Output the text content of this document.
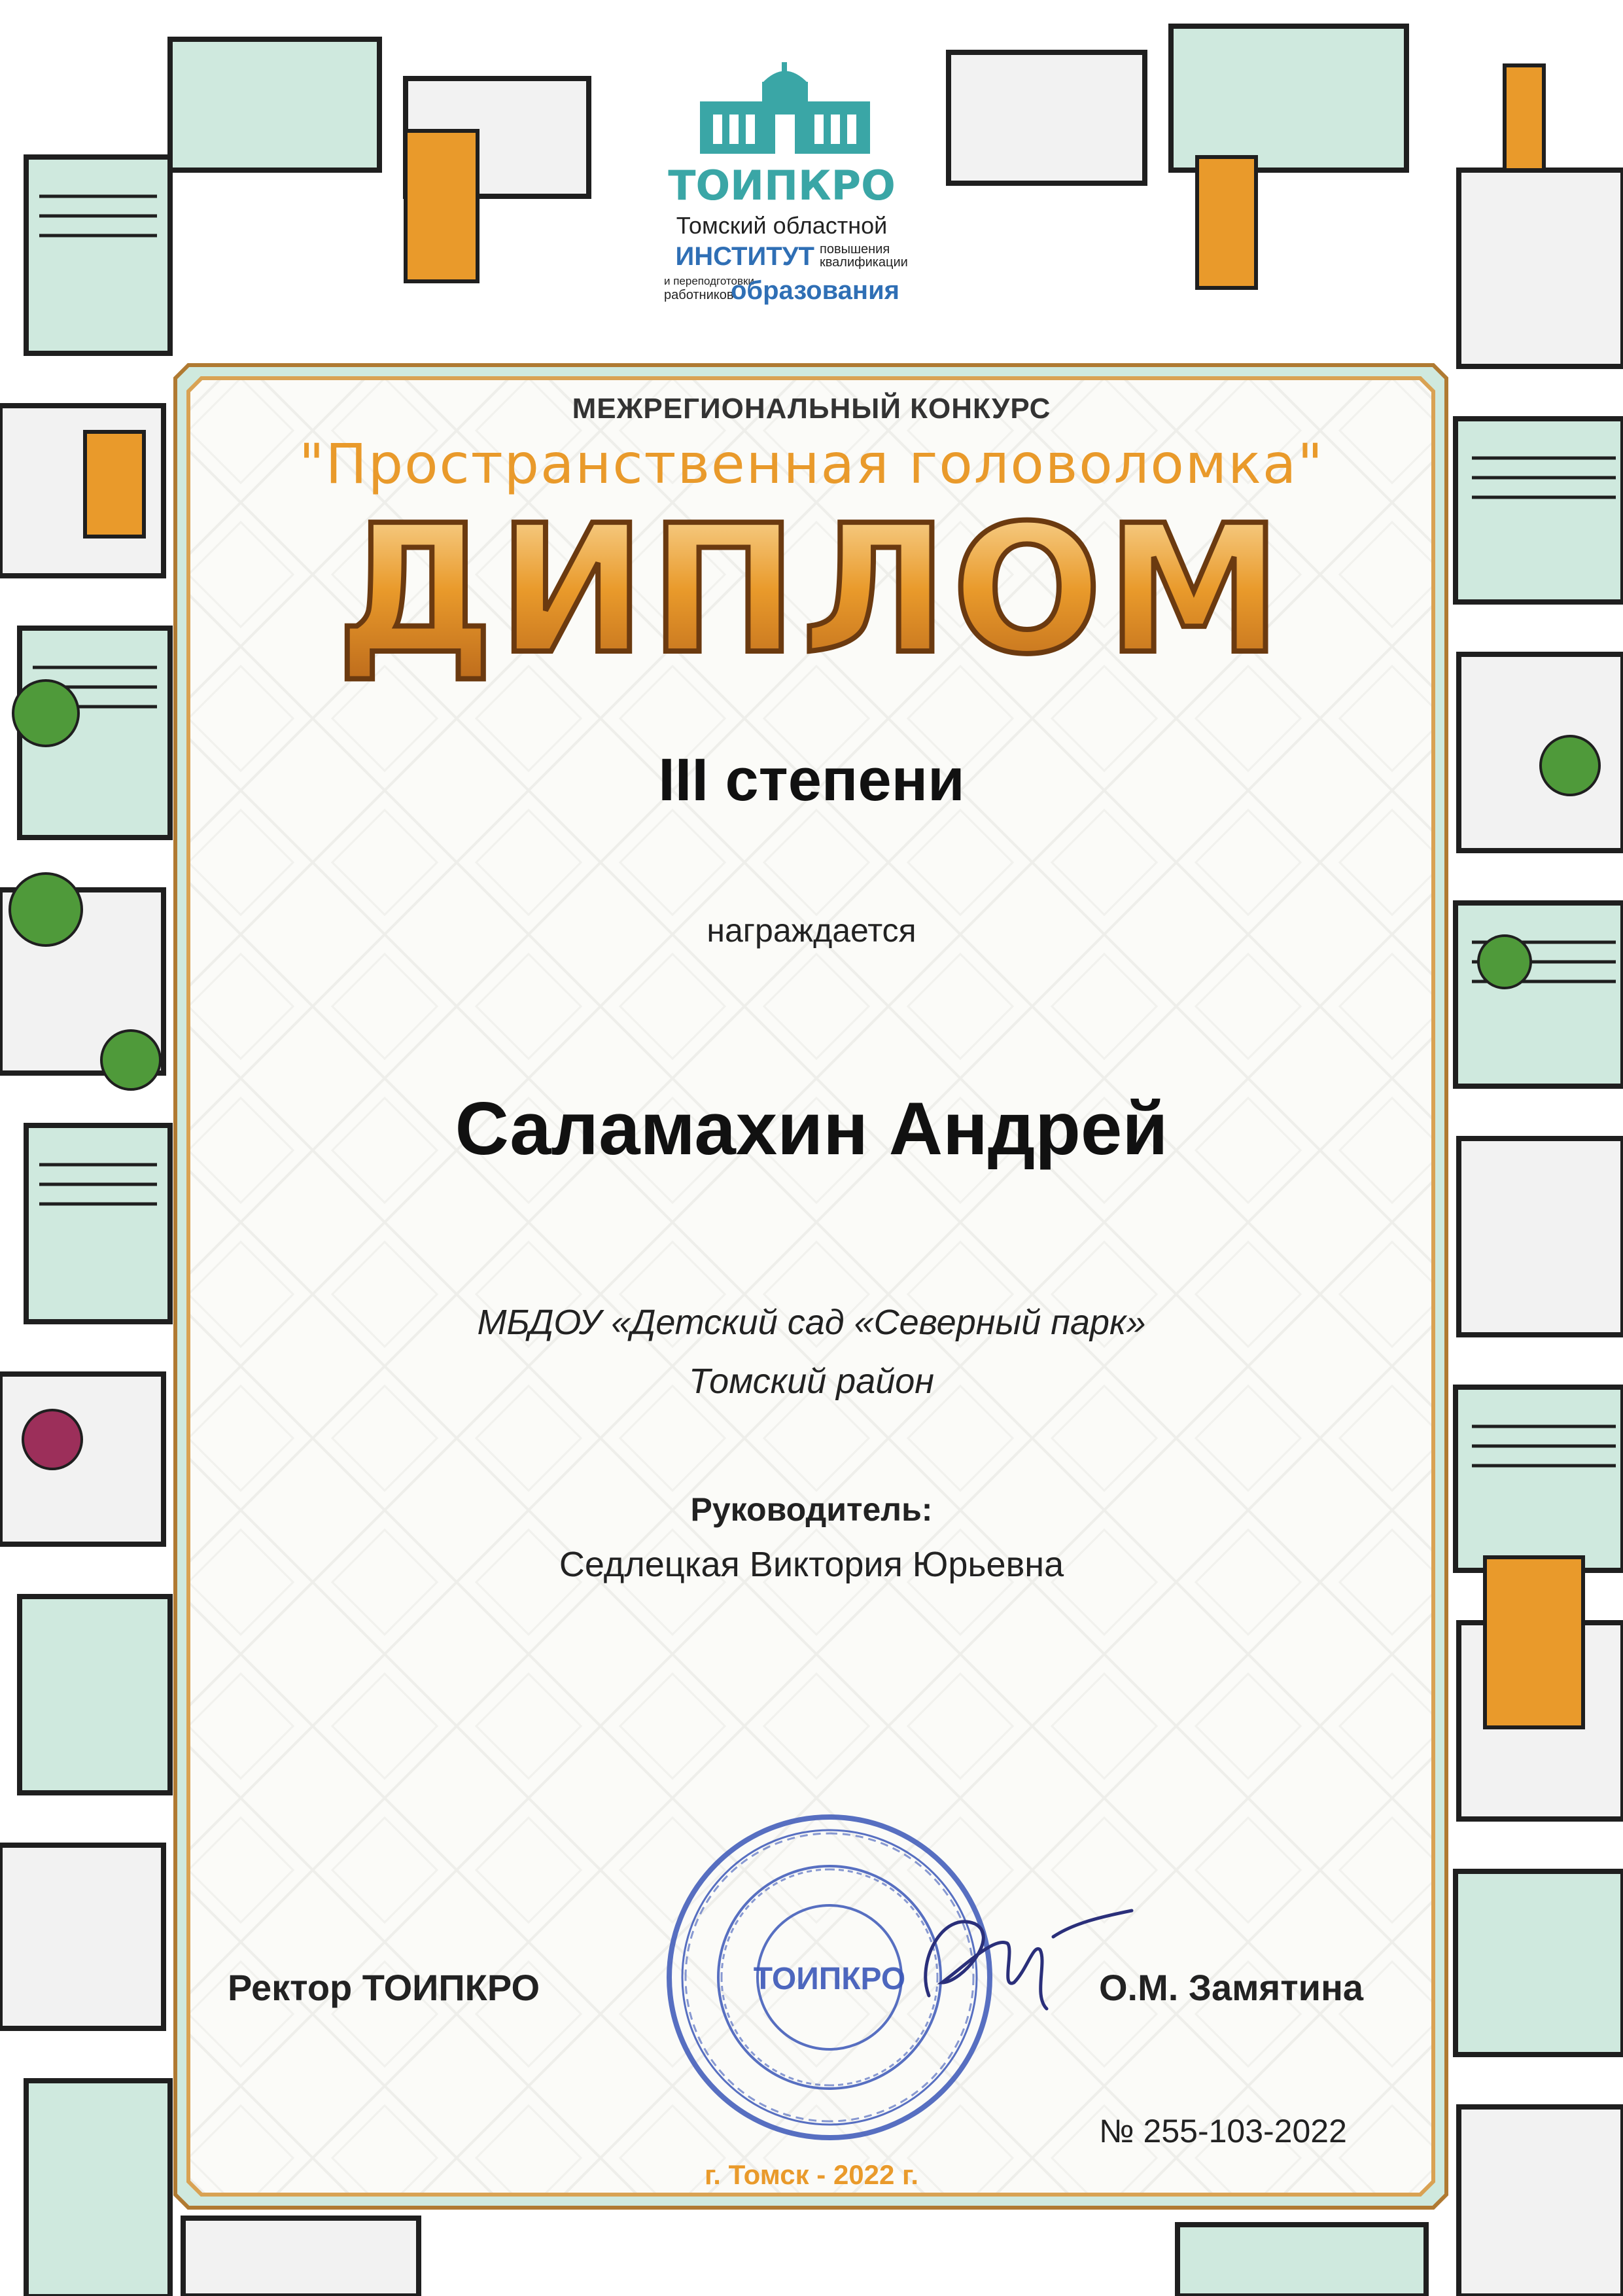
ТОИПКРО
Томский областной
ИНСТИТУТ повышения
квалификации
и переподготовки
работников
образования
МЕЖРЕГИОНАЛЬНЫЙ КОНКУРС
"Пространственная головоломка"
ДИПЛОМ
III степени
награждается
Саламахин Андрей
МБДОУ «Детский сад «Северный парк»
Томский район
Руководитель:
Седлецкая Виктория Юрьевна
Ректор ТОИПКРО	О.М. Замятина
ТОИПКРО
№ 255-103-2022
г. Томск - 2022 г.
